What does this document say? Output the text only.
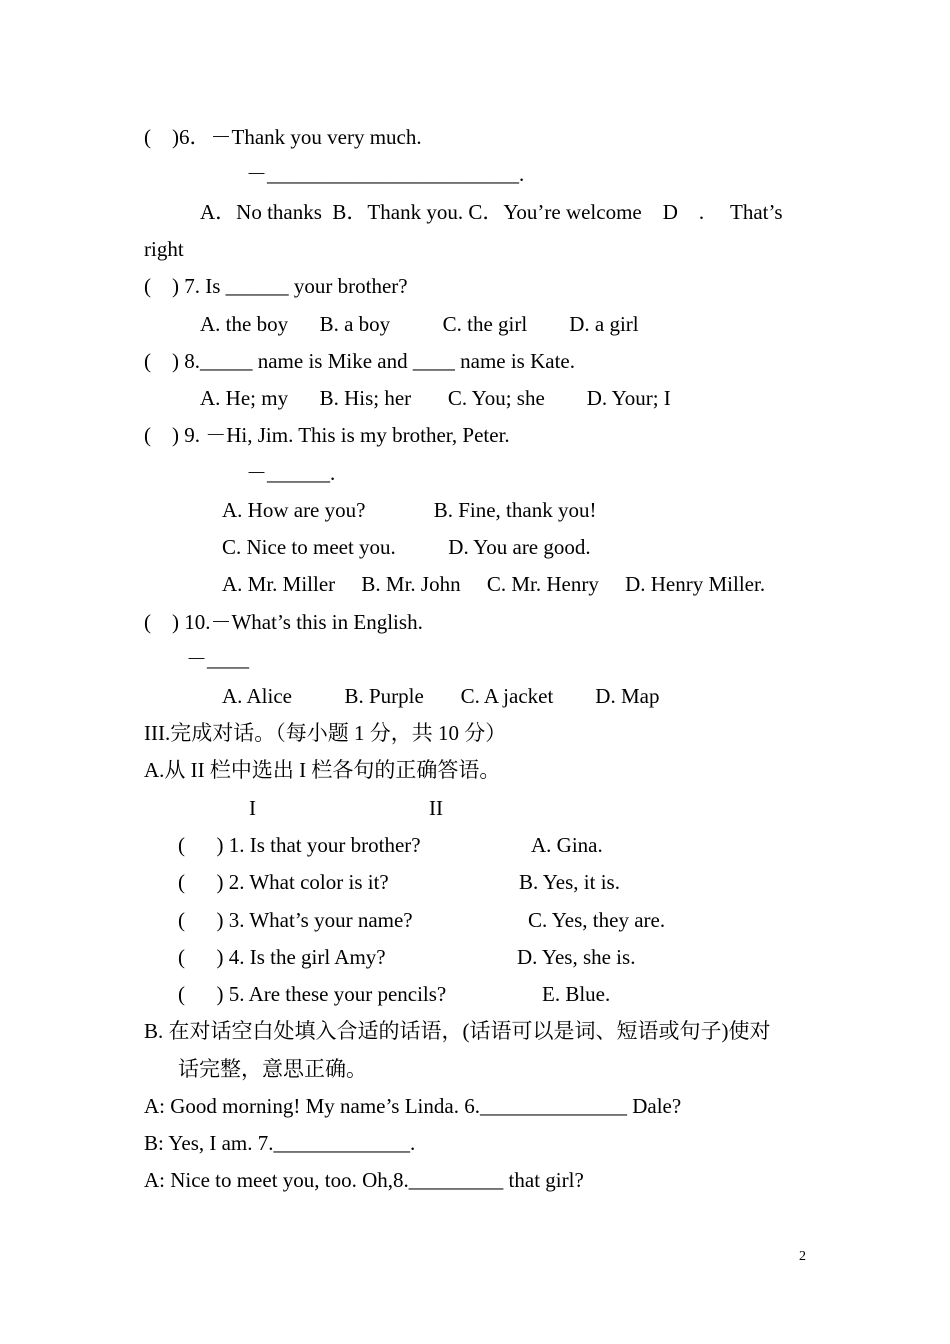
(    )6．－Thank you very much.
－________________________.
A．No thanks  B．Thank you. C．You’re welcome    D    .     That’s
right
(    ) 7. Is ______ your brother?
A. the boy      B. a boy          C. the girl        D. a girl
(    ) 8._____ name is Mike and ____ name is Kate.
A. He; my      B. His; her       C. You; she        D. Your; I
(    ) 9. －Hi, Jim. This is my brother, Peter.
－______.
A. How are you?             B. Fine, thank you!
C. Nice to meet you.          D. You are good.
A. Mr. Miller     B. Mr. John     C. Mr. Henry     D. Henry Miller.
(    ) 10.－What’s this in English.
－____
A. Alice          B. Purple       C. A jacket        D. Map
III.完成对话。（每小题 1 分，共 10 分）
A.从 II 栏中选出 I 栏各句的正确答语。
I	II
(      ) 1. Is that your brother?	A. Gina.
(      ) 2. What color is it?	B. Yes, it is.
(      ) 3. What’s your name?	C. Yes, they are.
(      ) 4. Is the girl Amy?	D. Yes, she is.
(      ) 5. Are these your pencils?	E. Blue.
B. 在对话空白处填入合适的话语，(话语可以是词、短语或句子)使对
话完整，意思正确。
A: Good morning! My name’s Linda. 6.______________ Dale?
B: Yes, I am. 7._____________.
A: Nice to meet you, too. Oh,8._________ that girl?
2
